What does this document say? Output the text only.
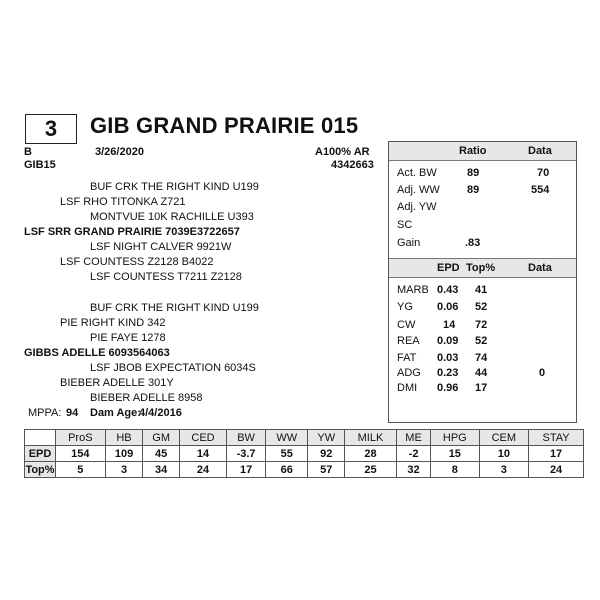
3	GIB GRAND PRAIRIE 015
B	3/26/2020	A100% AR
GIB15	4342663
BUF CRK THE RIGHT KIND U199
LSF RHO TITONKA Z721
MONTVUE 10K RACHILLE U393
LSF SRR GRAND PRAIRIE 7039E3722657
LSF NIGHT CALVER 9921W
LSF COUNTESS Z2128 B4022
LSF COUNTESS T7211 Z2128
BUF CRK THE RIGHT KIND U199
PIE RIGHT KIND 342
PIE FAYE 1278
GIBBS ADELLE 6093564063
LSF JBOB EXPECTATION 6034S
BIEBER ADELLE 301Y
BIEBER ADELLE 8958
MPPA: 94 Dam Age:
4/4/2016
Ratio	Data
Act. BW	89	70
Adj. WW 89	554
Adj. YW
SC
Gain	.83
EPD Top%	Data
MARB 0.43 41
YG 0.06 52
CW	14 72
REA 0.09 52
FAT 0.03 74
ADG 0.23 44	0
DMI 0.96 17
	ProS	HB	GM	CED	BW	WW	YW	MILK	ME	HPG	CEM	STAY
EPD	154	109	45	14	-3.7	55	92	28	-2	15	10	17
Top%	5	3	34	24	17	66	57	25	32	8	3	24
